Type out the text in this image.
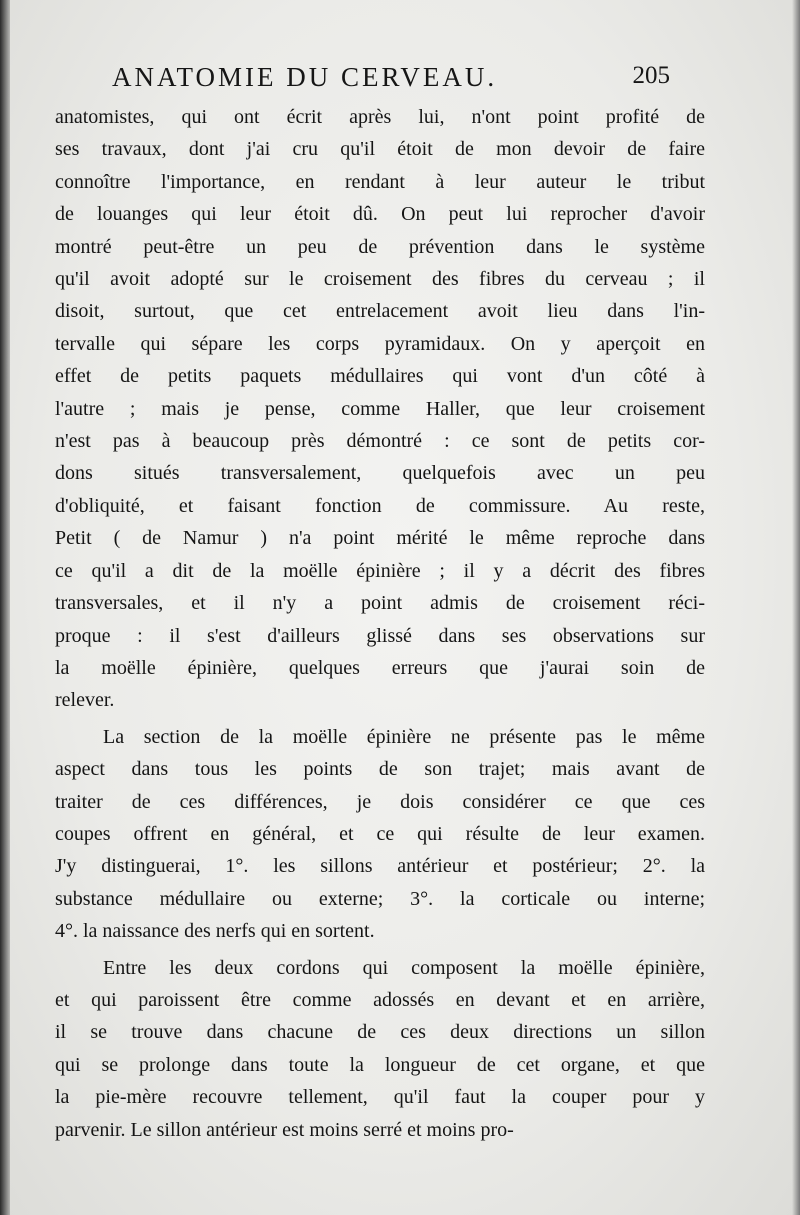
ANATOMIE DU CERVEAU.	205

anatomistes, qui ont écrit après lui, n'ont point profité de
ses travaux, dont j'ai cru qu'il étoit de mon devoir de faire
connoître l'importance, en rendant à leur auteur le tribut
de louanges qui leur étoit dû. On peut lui reprocher d'avoir
montré peut-être un peu de prévention dans le système
qu'il avoit adopté sur le croisement des fibres du cerveau ; il
disoit, surtout, que cet entrelacement avoit lieu dans l'in-
tervalle qui sépare les corps pyramidaux. On y aperçoit en
effet de petits paquets médullaires qui vont d'un côté à
l'autre ; mais je pense, comme Haller, que leur croisement
n'est pas à beaucoup près démontré : ce sont de petits cor-
dons situés transversalement, quelquefois avec un peu
d'obliquité, et faisant fonction de commissure. Au reste,
Petit ( de Namur ) n'a point mérité le même reproche dans
ce qu'il a dit de la moëlle épinière ; il y a décrit des fibres
transversales, et il n'y a point admis de croisement réci-
proque : il s'est d'ailleurs glissé dans ses observations sur
la moëlle épinière, quelques erreurs que j'aurai soin de
relever.

La section de la moëlle épinière ne présente pas le même
aspect dans tous les points de son trajet; mais avant de
traiter de ces différences, je dois considérer ce que ces
coupes offrent en général, et ce qui résulte de leur examen.
J'y distinguerai, 1°. les sillons antérieur et postérieur; 2°. la
substance médullaire ou externe; 3°. la corticale ou interne;
4°. la naissance des nerfs qui en sortent.

Entre les deux cordons qui composent la moëlle épinière,
et qui paroissent être comme adossés en devant et en arrière,
il se trouve dans chacune de ces deux directions un sillon
qui se prolonge dans toute la longueur de cet organe, et que
la pie-mère recouvre tellement, qu'il faut la couper pour y
parvenir. Le sillon antérieur est moins serré et moins pro-
